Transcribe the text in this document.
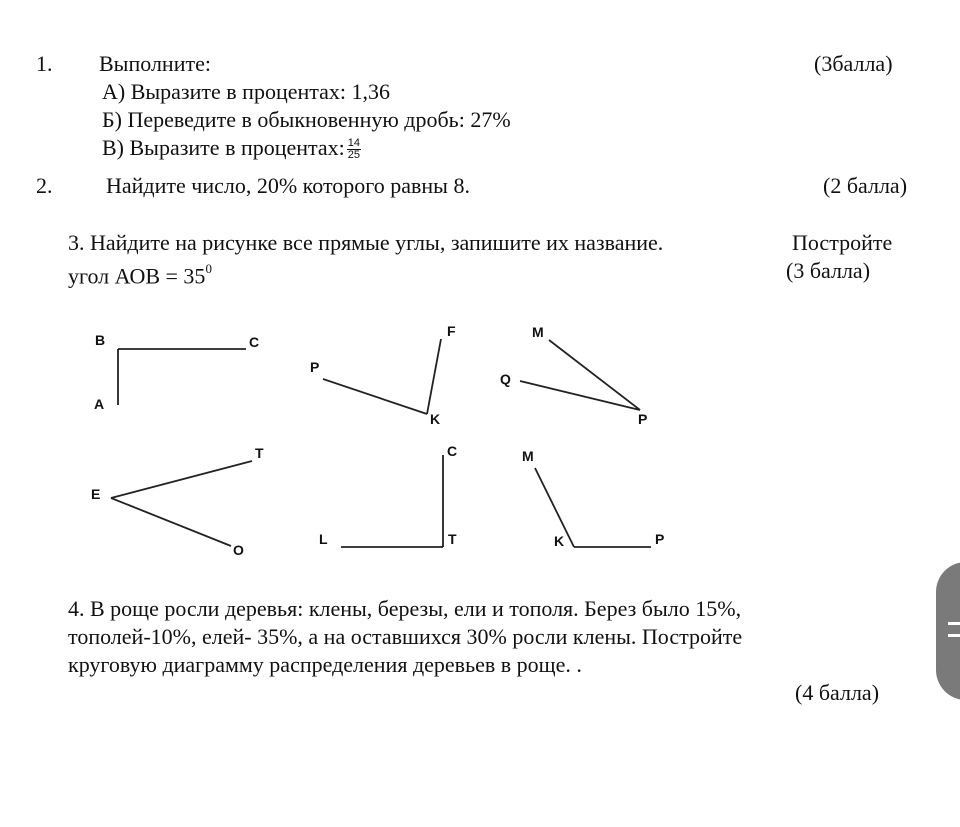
1. Выполните:	(3балла)
А) Выразите в процентах: 1,36
Б) Переведите в обыкновенную дробь: 27%
В) Выразите в процентах: $\frac{14}{25}$
2. Найдите число, 20% которого равны 8.	(2 балла)
3. Найдите на рисунке все прямые углы, запишите их название.	Постройте
угол АОВ = $35^0$	(3 балла)
B	C
A
P
F
K
M
Q
P
T
E
O
C
L	T
M
K	P
4. В роще росли деревья: клены, березы, ели и тополя. Берез было 15%,
тополей-10%, елей- 35%, а на оставшихся 30% росли клены. Постройте
круговую диаграмму распределения деревьев в роще. .
(4 балла)
